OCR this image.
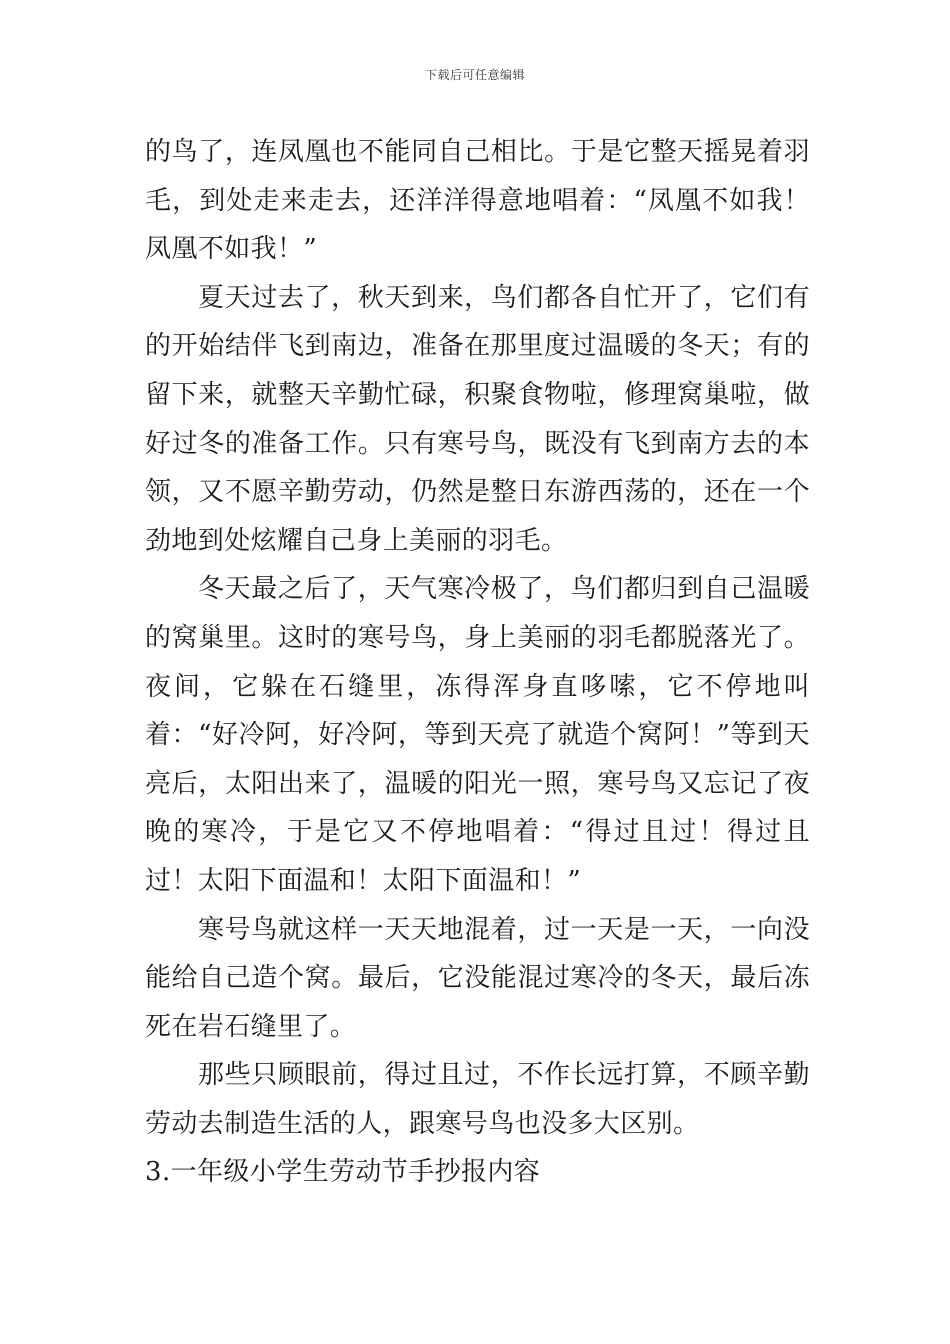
下载后可任意编辑

的鸟了，连凤凰也不能同自己相比。于是它整天摇晃着羽毛，到处走来走去，还洋洋得意地唱着：“凤凰不如我！凤凰不如我！”

夏天过去了，秋天到来，鸟们都各自忙开了，它们有的开始结伴飞到南边，准备在那里度过温暖的冬天；有的留下来，就整天辛勤忙碌，积聚食物啦，修理窝巢啦，做好过冬的准备工作。只有寒号鸟，既没有飞到南方去的本领，又不愿辛勤劳动，仍然是整日东游西荡的，还在一个劲地到处炫耀自己身上美丽的羽毛。

冬天最之后了，天气寒冷极了，鸟们都归到自己温暖的窝巢里。这时的寒号鸟，身上美丽的羽毛都脱落光了。夜间，它躲在石缝里，冻得浑身直哆嗦，它不停地叫着：“好冷阿，好冷阿，等到天亮了就造个窝阿！”等到天亮后，太阳出来了，温暖的阳光一照，寒号鸟又忘记了夜晚的寒冷，于是它又不停地唱着：“得过且过！得过且过！太阳下面温和！太阳下面温和！”

寒号鸟就这样一天天地混着，过一天是一天，一向没能给自己造个窝。最后，它没能混过寒冷的冬天，最后冻死在岩石缝里了。

那些只顾眼前，得过且过，不作长远打算，不顾辛勤劳动去制造生活的人，跟寒号鸟也没多大区别。

3.一年级小学生劳动节手抄报内容
